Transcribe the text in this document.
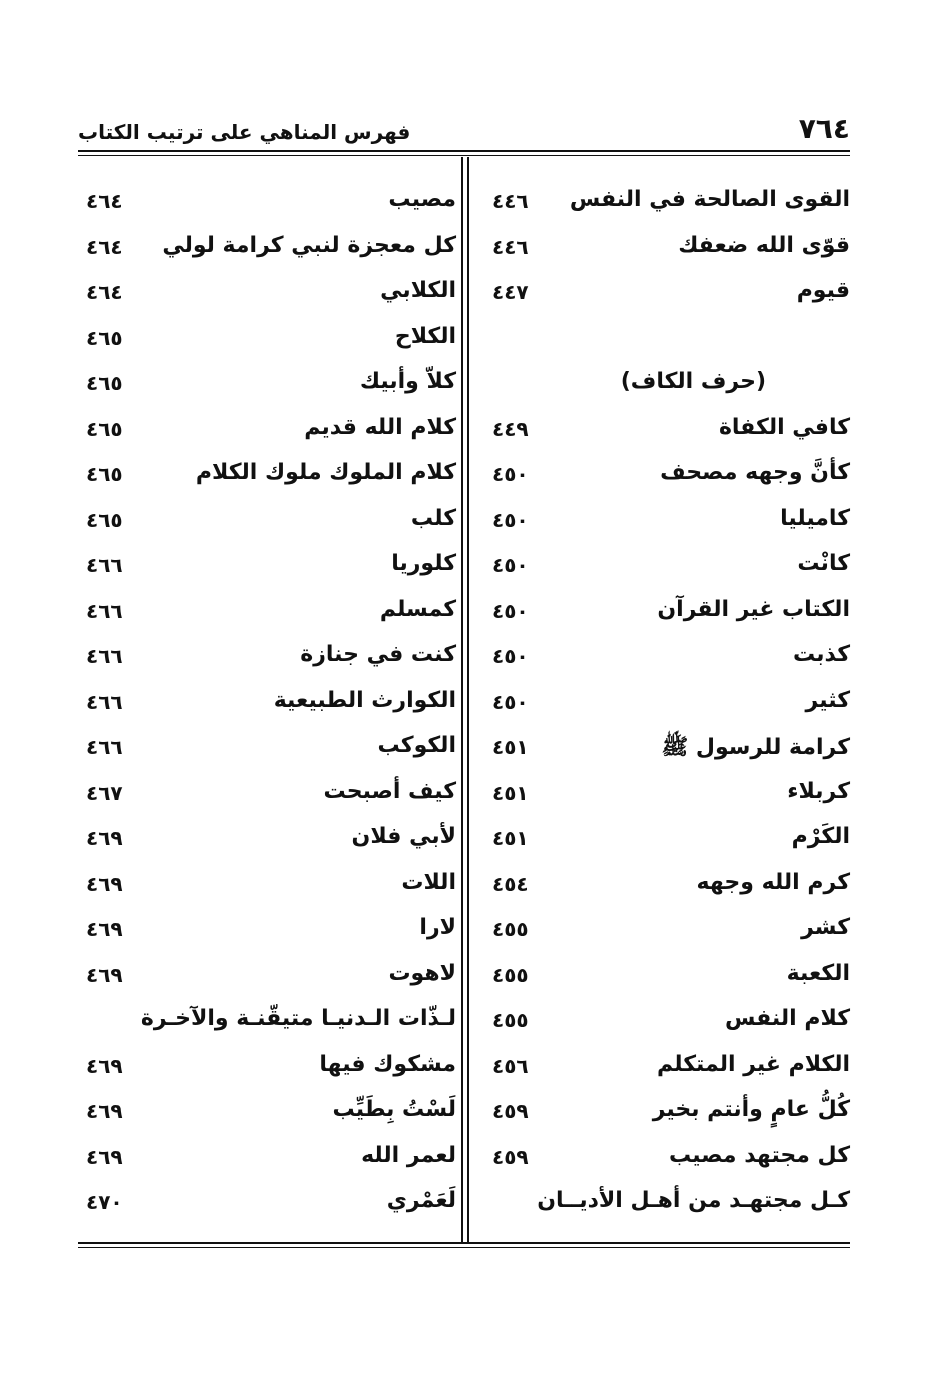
٧٦٤
فهرس المناهي على ترتيب الكتاب
القوى الصالحة في النفس
٤٤٦
قوّى الله ضعفك
٤٤٦
قيوم
٤٤٧
(حرف الكاف)
كافي الكفاة
٤٤٩
كأنَّ وجهه مصحف
٤٥٠
كاميليا
٤٥٠
كانْت
٤٥٠
الكتاب غير القرآن
٤٥٠
كذبت
٤٥٠
كثير
٤٥٠
كرامة للرسول ﷺ
٤٥١
كربلاء
٤٥١
الكَرْم
٤٥١
كرم الله وجهه
٤٥٤
كشر
٤٥٥
الكعبة
٤٥٥
كلام النفس
٤٥٥
الكلام غير المتكلم
٤٥٦
كُلُّ عامٍ وأنتم بخير
٤٥٩
كل مجتهد مصيب
٤٥٩
كـل مجتهـد من أهـل الأديــان
مصيب
٤٦٤
كل معجزة لنبي كرامة لولي
٤٦٤
الكلابي
٤٦٤
الكلاح
٤٦٥
كلاّ وأبيك
٤٦٥
كلام الله قديم
٤٦٥
كلام الملوك ملوك الكلام
٤٦٥
كلب
٤٦٥
كلوريا
٤٦٦
كمسلم
٤٦٦
كنت في جنازة
٤٦٦
الكوارث الطبيعية
٤٦٦
الكوكب
٤٦٦
كيف أصبحت
٤٦٧
لأبي فلان
٤٦٩
اللات
٤٦٩
لارا
٤٦٩
لاهوت
٤٦٩
لـذّات الـدنيـا متيقّنـة والآخـرة
مشكوك فيها
٤٦٩
لَسْتُ بِطَيِّب
٤٦٩
لعمر الله
٤٦٩
لَعَمْري
٤٧٠
